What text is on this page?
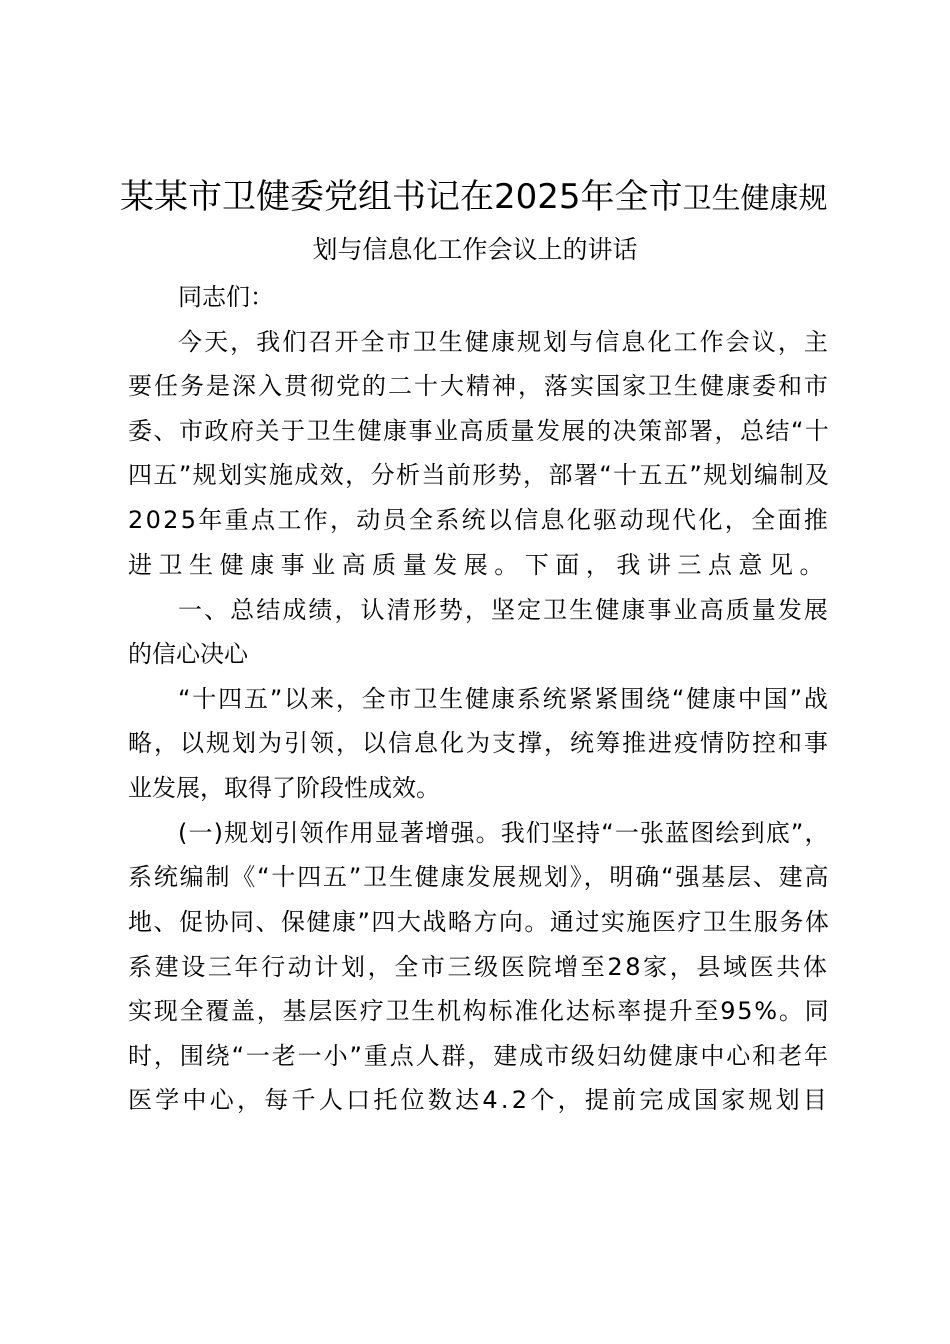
某某市卫健委党组书记在2025年全市卫生健康规
划与信息化工作会议上的讲话
同志们：
今天，我们召开全市卫生健康规划与信息化工作会议，主
要任务是深入贯彻党的二十大精神，落实国家卫生健康委和市
委、市政府关于卫生健康事业高质量发展的决策部署，总结“十
四五”规划实施成效，分析当前形势，部署“十五五”规划编制及
2025年重点工作，动员全系统以信息化驱动现代化，全面推
进卫生健康事业高质量发展。下面，我讲三点意见。
一、总结成绩，认清形势，坚定卫生健康事业高质量发展
的信心决心
“十四五”以来，全市卫生健康系统紧紧围绕“健康中国”战
略，以规划为引领，以信息化为支撑，统筹推进疫情防控和事
业发展，取得了阶段性成效。
(一)规划引领作用显著增强。我们坚持“一张蓝图绘到底”，
系统编制《“十四五”卫生健康发展规划》，明确“强基层、建高
地、促协同、保健康”四大战略方向。通过实施医疗卫生服务体
系建设三年行动计划，全市三级医院增至28家，县域医共体
实现全覆盖，基层医疗卫生机构标准化达标率提升至95%。同
时，围绕“一老一小”重点人群，建成市级妇幼健康中心和老年
医学中心，每千人口托位数达4.2个，提前完成国家规划目
